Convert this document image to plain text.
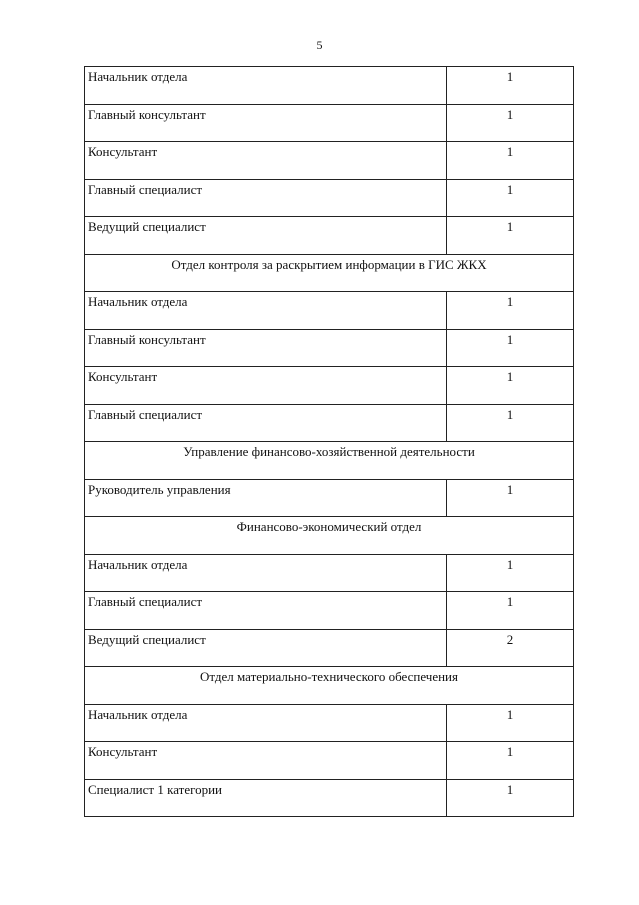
5
Начальник отдела	1
Главный консультант	1
Консультант	1
Главный специалист	1
Ведущий специалист	1
Отдел контроля за раскрытием информации в ГИС ЖКХ	
Начальник отдела	1
Главный консультант	1
Консультант	1
Главный специалист	1
Управление финансово-хозяйственной деятельности	
Руководитель управления	1
Финансово-экономический отдел	
Начальник отдела	1
Главный специалист	1
Ведущий специалист	2
Отдел материально-технического обеспечения	
Начальник отдела	1
Консультант	1
Специалист 1 категории	1
